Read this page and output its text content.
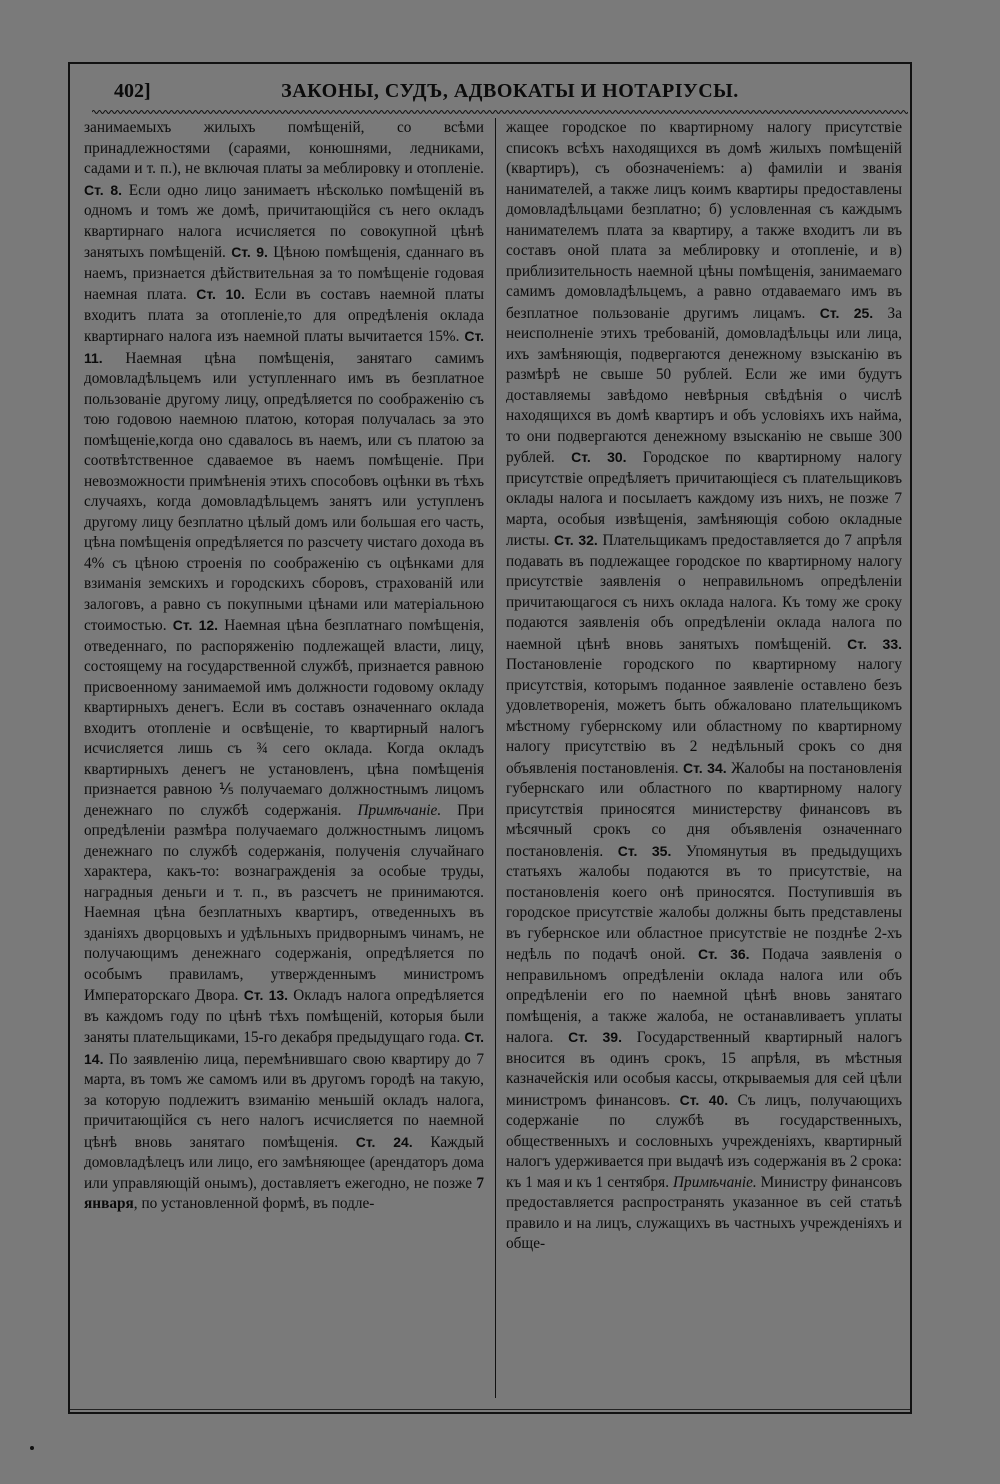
402]	ЗАКОНЫ, СУДЪ, АДВОКАТЫ И НОТАРІУСЫ.
занимаемыхъ жилыхъ помѣщеній, со всѣми принадлежностями (сараями, конюшнями, ледниками, садами и т. п.), не включая платы за меблировку и отопленіе. Ст. 8. Если одно лицо занимаетъ нѣсколько помѣщеній въ одномъ и томъ же домѣ, причитающійся съ него окладъ квартирнаго налога исчисляется по совокупной цѣнѣ занятыхъ помѣщеній. Ст. 9. Цѣною помѣщенія, сданнаго въ наемъ, признается дѣйствительная за то помѣщеніе годовая наемная плата. Ст. 10. Если въ составъ наемной платы входитъ плата за отопленіе,то для опредѣленія оклада квартирнаго налога изъ наемной платы вычитается 15%. Ст. 11. Наемная цѣна помѣщенія, занятаго самимъ домовладѣльцемъ или уступленнаго имъ въ безплатное пользованіе другому лицу, опредѣляется по соображенію съ тою годовою наемною платою, которая получалась за это помѣщеніе,когда оно сдавалось въ наемъ, или съ платою за соотвѣтственное сдаваемое въ наемъ помѣщеніе. При невозможности примѣненія этихъ способовъ оцѣнки въ тѣхъ случаяхъ, когда домовладѣльцемъ занятъ или уступленъ другому лицу безплатно цѣлый домъ или большая его часть, цѣна помѣщенія опредѣляется по разсчету чистаго дохода въ 4% съ цѣною строенія по соображенію съ оцѣнками для взиманія земскихъ и городскихъ сборовъ, страхованій или залоговъ, а равно съ покупными цѣнами или матеріальною стоимостью. Ст. 12. Наемная цѣна безплатнаго помѣщенія, отведеннаго, по распоряженію подлежащей власти, лицу, состоящему на государственной службѣ, признается равною присвоенному занимаемой имъ должности годовому окладу квартирныхъ денегъ. Если въ составъ означеннаго оклада входитъ отопленіе и освѣщеніе, то квартирный налогъ исчисляется лишь съ ¾ сего оклада. Когда окладъ квартирныхъ денегъ не установленъ, цѣна помѣщенія признается равною ⅕ получаемаго должностнымъ лицомъ денежнаго по службѣ содержанія. Примѣчаніе. При опредѣленіи размѣра получаемаго должностнымъ лицомъ денежнаго по службѣ содержанія, полученія случайнаго характера, какъ-то: вознагражденія за особые труды, наградныя деньги и т. п., въ разсчетъ не принимаются. Наемная цѣна безплатныхъ квартиръ, отведенныхъ въ зданіяхъ дворцовыхъ и удѣльныхъ придворнымъ чинамъ, не получающимъ денежнаго содержанія, опредѣляется по особымъ правиламъ, утвержденнымъ министромъ Императорскаго Двора. Ст. 13. Окладъ налога опредѣляется въ каждомъ году по цѣнѣ тѣхъ помѣщеній, которыя были заняты плательщиками, 15-го декабря предыдущаго года. Ст. 14. По заявленію лица, перемѣнившаго свою квартиру до 7 марта, въ томъ же самомъ или въ другомъ городѣ на такую, за которую подлежитъ взиманію меньшій окладъ налога, причитающійся съ него налогъ исчисляется по наемной цѣнѣ вновь занятаго помѣщенія. Ст. 24. Каждый домовладѣлецъ или лицо, его замѣняющее (арендаторъ дома или управляющій онымъ), доставляетъ ежегодно, не позже 7 января, по установленной формѣ, въ подле-
жащее городское по квартирному налогу присутствіе списокъ всѣхъ находящихся въ домѣ жилыхъ помѣщеній (квартиръ), съ обозначеніемъ: а) фамиліи и званія нанимателей, а также лицъ коимъ квартиры предоставлены домовладѣльцами безплатно; б) условленная съ каждымъ нанимателемъ плата за квартиру, а также входитъ ли въ составъ оной плата за меблировку и отопленіе, и в) приблизительность наемной цѣны помѣщенія, занимаемаго самимъ домовладѣльцемъ, а равно отдаваемаго имъ въ безплатное пользованіе другимъ лицамъ. Ст. 25. За неисполненіе этихъ требованій, домовладѣльцы или лица, ихъ замѣняющія, подвергаются денежному взысканію въ размѣрѣ не свыше 50 рублей. Если же ими будутъ доставляемы завѣдомо невѣрныя свѣдѣнія о числѣ находящихся въ домѣ квартиръ и объ условіяхъ ихъ найма, то они подвергаются денежному взысканію не свыше 300 рублей. Ст. 30. Городское по квартирному налогу присутствіе опредѣляетъ причитающіеся съ плательщиковъ оклады налога и посылаетъ каждому изъ нихъ, не позже 7 марта, особыя извѣщенія, замѣняющія собою окладные листы. Ст. 32. Плательщикамъ предоставляется до 7 апрѣля подавать въ подлежащее городское по квартирному налогу присутствіе заявленія о неправильномъ опредѣленіи причитающагося съ нихъ оклада налога. Къ тому же сроку подаются заявленія объ опредѣленіи оклада налога по наемной цѣнѣ вновь занятыхъ помѣщеній. Ст. 33. Постановленіе городского по квартирному налогу присутствія, которымъ поданное заявленіе оставлено безъ удовлетворенія, можетъ быть обжаловано плательщикомъ мѣстному губернскому или областному по квартирному налогу присутствію въ 2 недѣльный срокъ со дня объявленія постановленія. Ст. 34. Жалобы на постановленія губернскаго или областного по квартирному налогу присутствія приносятся министерству финансовъ въ мѣсячный срокъ со дня объявленія означеннаго постановленія. Ст. 35. Упомянутыя въ предыдущихъ статьяхъ жалобы подаются въ то присутствіе, на постановленія коего онѣ приносятся. Поступившія въ городское присутствіе жалобы должны быть представлены въ губернское или областное присутствіе не позднѣе 2-хъ недѣль по подачѣ оной. Ст. 36. Подача заявленія о неправильномъ опредѣленіи оклада налога или объ опредѣленіи его по наемной цѣнѣ вновь занятаго помѣщенія, а также жалоба, не останавливаетъ уплаты налога. Ст. 39. Государственный квартирный налогъ вносится въ одинъ срокъ, 15 апрѣля, въ мѣстныя казначейскія или особыя кассы, открываемыя для сей цѣли министромъ финансовъ. Ст. 40. Съ лицъ, получающихъ содержаніе по службѣ въ государственныхъ, общественныхъ и сословныхъ учрежденіяхъ, квартирный налогъ удерживается при выдачѣ изъ содержанія въ 2 срока: къ 1 мая и къ 1 сентября. Примѣчаніе. Министру финансовъ предоставляется распространять указанное въ сей статьѣ правило и на лицъ, служащихъ въ частныхъ учрежденіяхъ и обще-
